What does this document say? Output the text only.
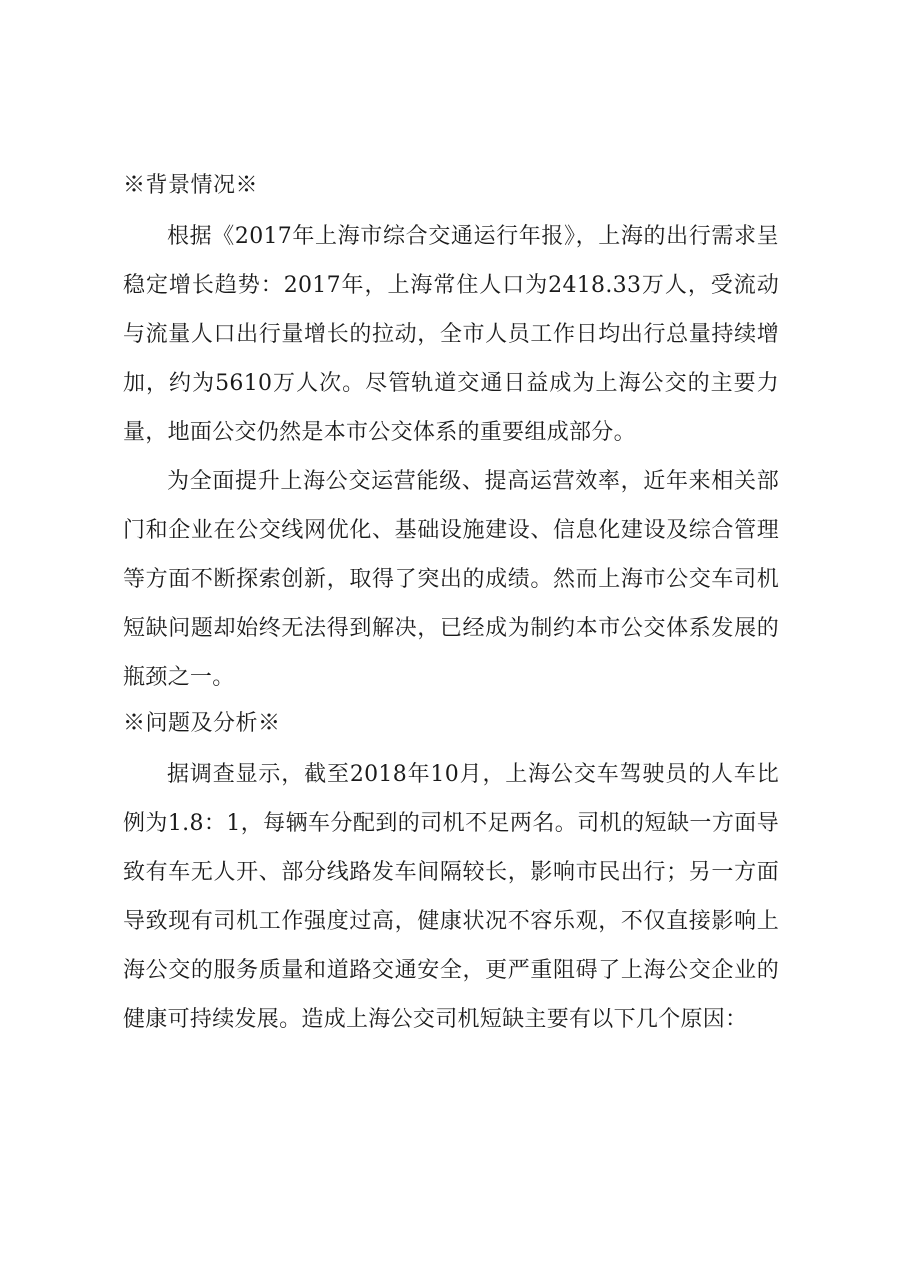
※背景情况※

根据《2017年上海市综合交通运行年报》，上海的出行需求呈稳定增长趋势：2017年，上海常住人口为2418.33万人，受流动与流量人口出行量增长的拉动，全市人员工作日均出行总量持续增加，约为5610万人次。尽管轨道交通日益成为上海公交的主要力量，地面公交仍然是本市公交体系的重要组成部分。

为全面提升上海公交运营能级、提高运营效率，近年来相关部门和企业在公交线网优化、基础设施建设、信息化建设及综合管理等方面不断探索创新，取得了突出的成绩。然而上海市公交车司机短缺问题却始终无法得到解决，已经成为制约本市公交体系发展的瓶颈之一。

※问题及分析※

据调查显示，截至2018年10月，上海公交车驾驶员的人车比例为1.8：1，每辆车分配到的司机不足两名。司机的短缺一方面导致有车无人开、部分线路发车间隔较长，影响市民出行；另一方面导致现有司机工作强度过高，健康状况不容乐观，不仅直接影响上海公交的服务质量和道路交通安全，更严重阻碍了上海公交企业的健康可持续发展。造成上海公交司机短缺主要有以下几个原因：
